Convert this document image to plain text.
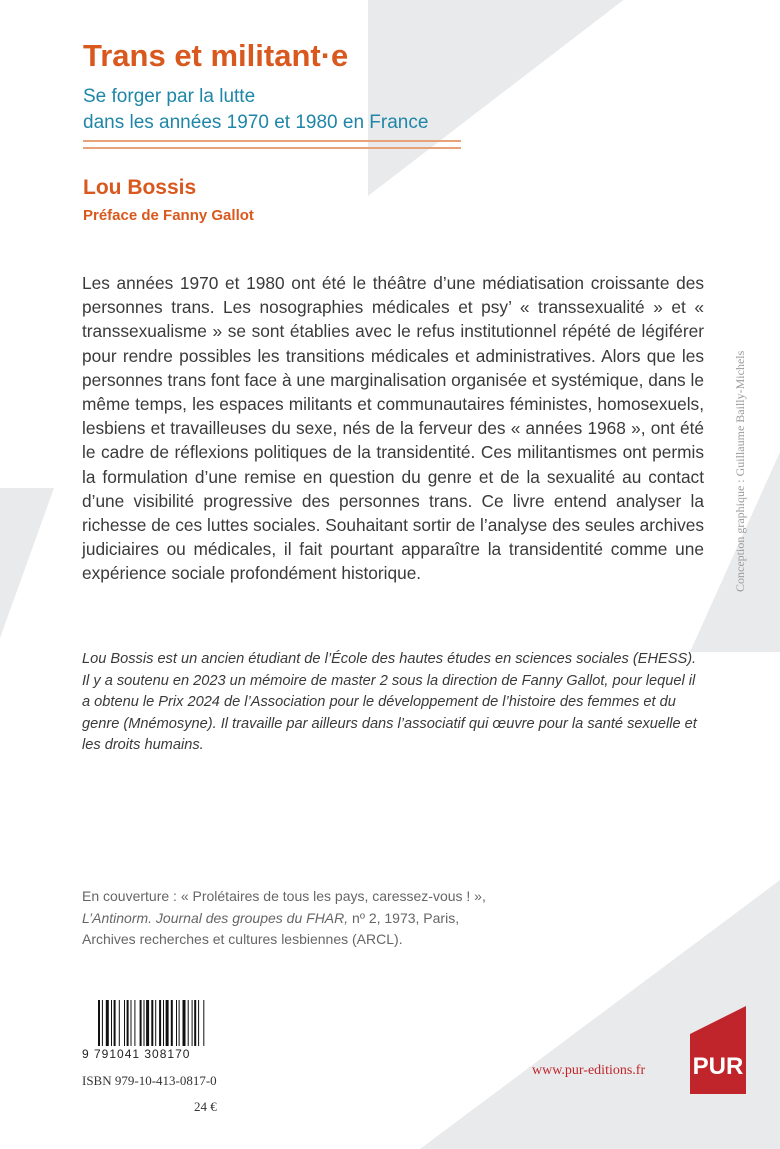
Trans et militant·e
Se forger par la lutte
dans les années 1970 et 1980 en France
Lou Bossis
Préface de Fanny Gallot
Les années 1970 et 1980 ont été le théâtre d’une médiatisation croissante des personnes trans. Les nosographies médicales et psy’ « transsexualité » et « transsexualisme » se sont établies avec le refus institutionnel répété de légiférer pour rendre possibles les transitions médicales et administratives. Alors que les personnes trans font face à une marginalisation organisée et systémique, dans le même temps, les espaces militants et communautaires féministes, homosexuels, lesbiens et travailleuses du sexe, nés de la ferveur des « années 1968 », ont été le cadre de réflexions politiques de la transidentité. Ces militantismes ont permis la formulation d’une remise en question du genre et de la sexualité au contact d’une visibilité progressive des personnes trans. Ce livre entend analyser la richesse de ces luttes sociales. Souhaitant sortir de l’analyse des seules archives judiciaires ou médicales, il fait pourtant apparaître la transidentité comme une expérience sociale profondément historique.	Conception graphique : Guillaume Bailly-Michels
Lou Bossis est un ancien étudiant de l’École des hautes études en sciences sociales (EHESS). Il y a soutenu en 2023 un mémoire de master 2 sous la direction de Fanny Gallot, pour lequel il a obtenu le Prix 2024 de l’Association pour le développement de l’histoire des femmes et du genre (Mnémosyne). Il travaille par ailleurs dans l’associatif qui œuvre pour la santé sexuelle et les droits humains.
En couverture : « Prolétaires de tous les pays, caressez-vous ! »,
L’Antinorm. Journal des groupes du FHAR, nº 2, 1973, Paris,
Archives recherches et cultures lesbiennes (ARCL).
9 791041 308170
ISBN 979-10-413-0817-0
24 €
www.pur-editions.fr PUR
